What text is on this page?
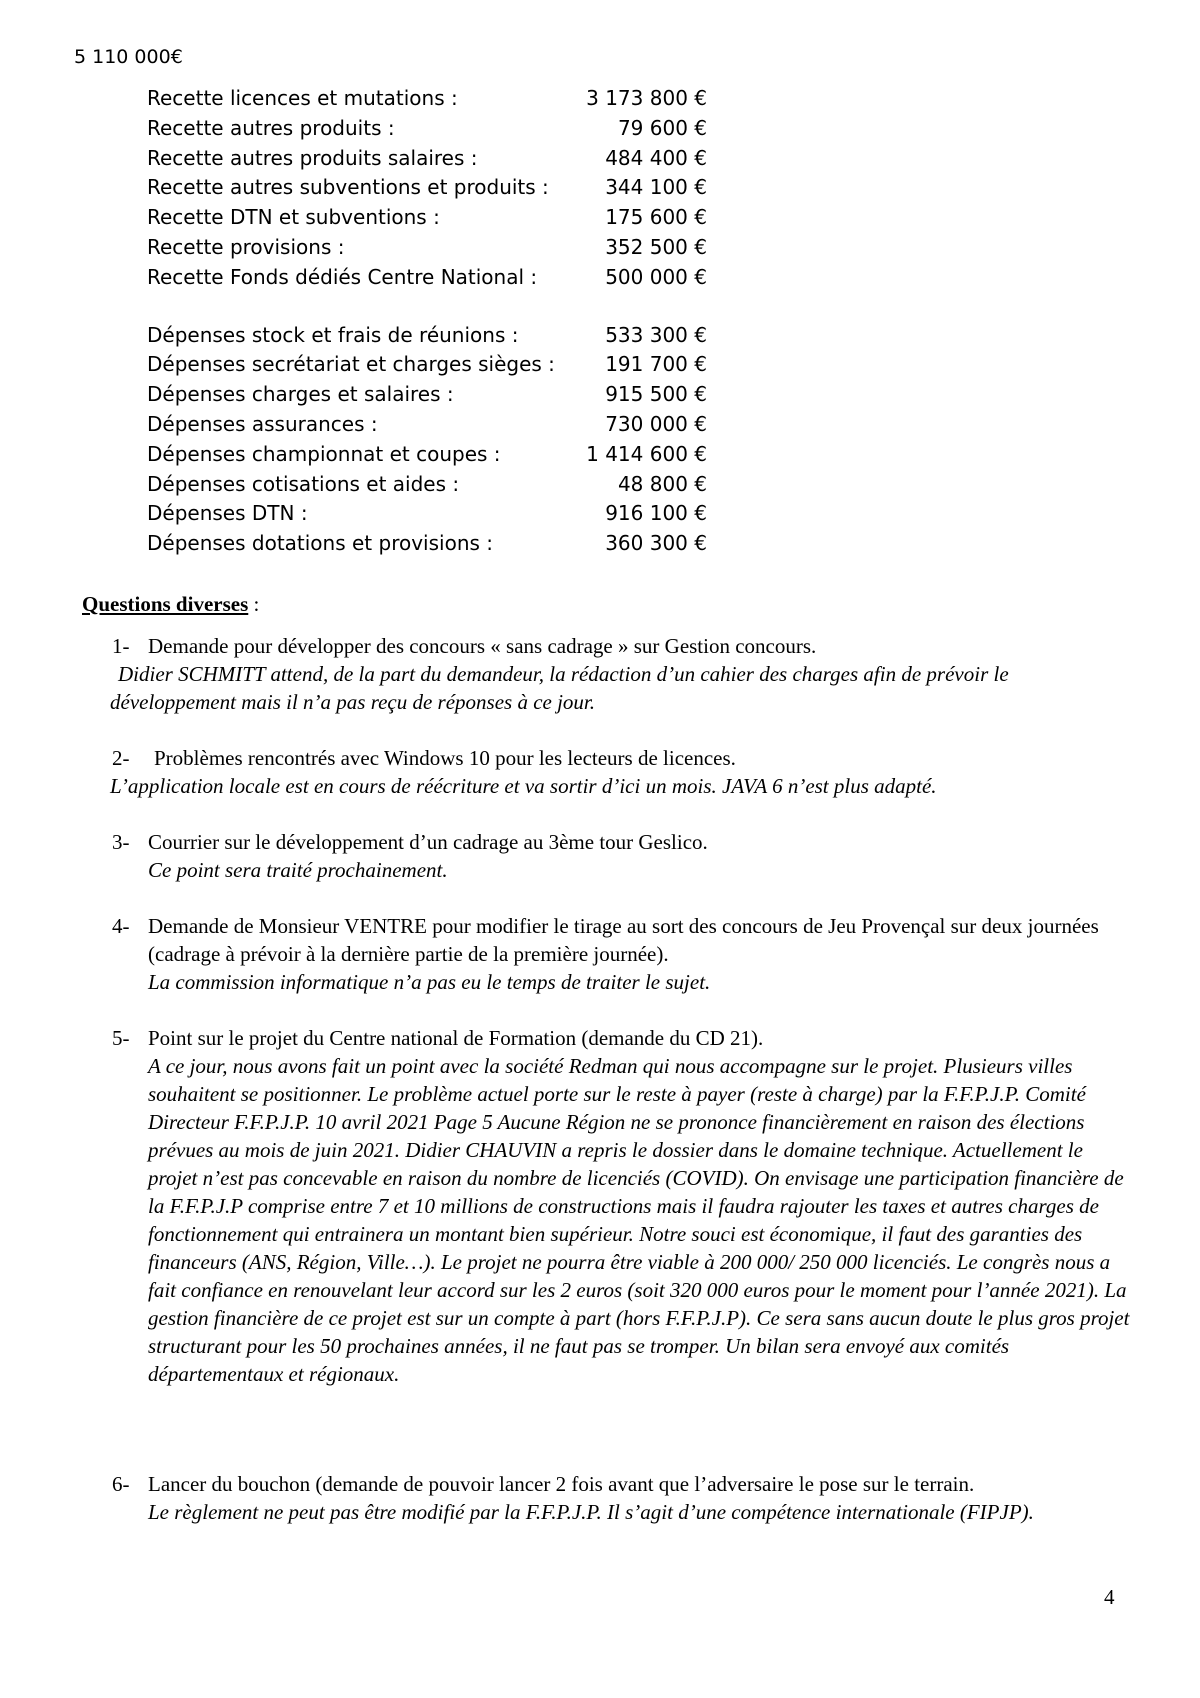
5 110 000€
Recette licences et mutations :	3 173 800 €
Recette autres produits :	79 600 €
Recette autres produits salaires :	484 400 €
Recette autres subventions et produits :	344 100 €
Recette DTN et subventions :	175 600 €
Recette provisions :	352 500 €
Recette Fonds dédiés Centre National :	500 000 €
Dépenses stock et frais de réunions :	533 300 €
Dépenses secrétariat et charges sièges :	191 700 €
Dépenses charges et salaires :	915 500 €
Dépenses assurances :	730 000 €
Dépenses championnat et coupes :	1 414 600 €
Dépenses cotisations et aides :	48 800 €
Dépenses DTN :	916 100 €
Dépenses dotations et provisions :	360 300 €
Questions diverses :
1- Demande pour développer des concours « sans cadrage » sur Gestion concours.
Didier SCHMITT attend, de la part du demandeur, la rédaction d’un cahier des charges afin de prévoir le développement mais il n’a pas reçu de réponses à ce jour.
2- Problèmes rencontrés avec Windows 10 pour les lecteurs de licences.
L’application locale est en cours de réécriture et va sortir d’ici un mois. JAVA 6 n’est plus adapté.
3- Courrier sur le développement d’un cadrage au 3ème tour Geslico.
Ce point sera traité prochainement.
4- Demande de Monsieur VENTRE pour modifier le tirage au sort des concours de Jeu Provençal sur deux journées (cadrage à prévoir à la dernière partie de la première journée).
La commission informatique n’a pas eu le temps de traiter le sujet.
5- Point sur le projet du Centre national de Formation (demande du CD 21).
A ce jour, nous avons fait un point avec la société Redman qui nous accompagne sur le projet. Plusieurs villes souhaitent se positionner. Le problème actuel porte sur le reste à payer (reste à charge) par la F.F.P.J.P. Comité Directeur F.F.P.J.P. 10 avril 2021 Page 5 Aucune Région ne se prononce financièrement en raison des élections prévues au mois de juin 2021. Didier CHAUVIN a repris le dossier dans le domaine technique. Actuellement le projet n’est pas concevable en raison du nombre de licenciés (COVID). On envisage une participation financière de la F.F.P.J.P comprise entre 7 et 10 millions de constructions mais il faudra rajouter les taxes et autres charges de fonctionnement qui entrainera un montant bien supérieur. Notre souci est économique, il faut des garanties des financeurs (ANS, Région, Ville…). Le projet ne pourra être viable à 200 000/ 250 000 licenciés. Le congrès nous a fait confiance en renouvelant leur accord sur les 2 euros (soit 320 000 euros pour le moment pour l’année 2021). La gestion financière de ce projet est sur un compte à part (hors F.F.P.J.P). Ce sera sans aucun doute le plus gros projet structurant pour les 50 prochaines années, il ne faut pas se tromper. Un bilan sera envoyé aux comités départementaux et régionaux.
6- Lancer du bouchon (demande de pouvoir lancer 2 fois avant que l’adversaire le pose sur le terrain.
Le règlement ne peut pas être modifié par la F.F.P.J.P. Il s’agit d’une compétence internationale (FIPJP).
4
